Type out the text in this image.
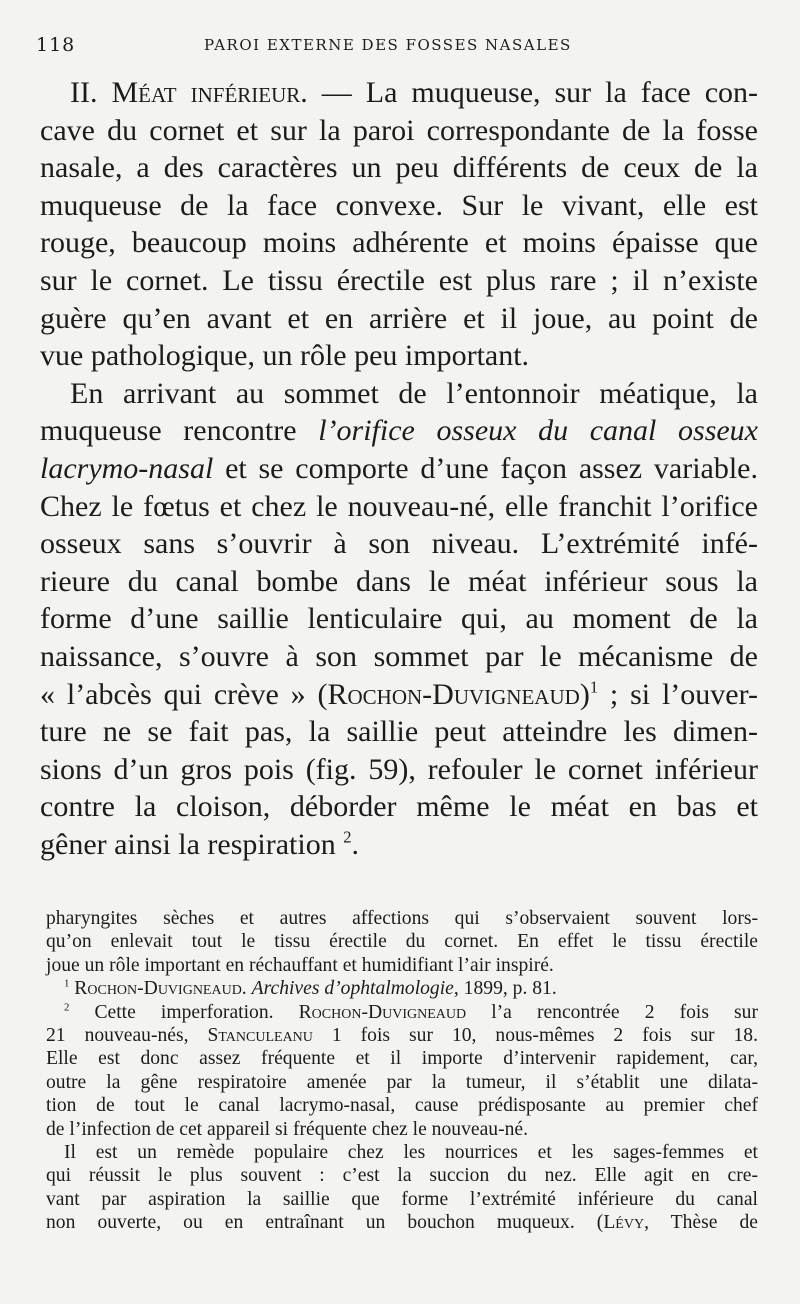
118	PAROI EXTERNE DES FOSSES NASALES
II. Méat inférieur. — La muqueuse, sur la face con-
cave du cornet et sur la paroi correspondante de la fosse
nasale, a des caractères un peu différents de ceux de la
muqueuse de la face convexe. Sur le vivant, elle est
rouge, beaucoup moins adhérente et moins épaisse que
sur le cornet. Le tissu érectile est plus rare ; il n’existe
guère qu’en avant et en arrière et il joue, au point de
vue pathologique, un rôle peu important.
En arrivant au sommet de l’entonnoir méatique, la
muqueuse rencontre l’orifice osseux du canal osseux
lacrymo-nasal et se comporte d’une façon assez variable.
Chez le fœtus et chez le nouveau-né, elle franchit l’orifice
osseux sans s’ouvrir à son niveau. L’extrémité infé-
rieure du canal bombe dans le méat inférieur sous la
forme d’une saillie lenticulaire qui, au moment de la
naissance, s’ouvre à son sommet par le mécanisme de
« l’abcès qui crève » (Rochon-Duvigneaud)$^1$ ; si l’ouver-
ture ne se fait pas, la saillie peut atteindre les dimen-
sions d’un gros pois (fig. 59), refouler le cornet inférieur
contre la cloison, déborder même le méat en bas et
gêner ainsi la respiration $^2$.
pharyngites sèches et autres affections qui s’observaient souvent lors-
qu’on enlevait tout le tissu érectile du cornet. En effet le tissu érectile
joue un rôle important en réchauffant et humidifiant l’air inspiré.
$^1$ Rochon-Duvigneaud. Archives d’ophtalmologie, 1899, p. 81.
$^2$ Cette imperforation. Rochon-Duvigneaud l’a rencontrée 2 fois sur
21 nouveau-nés, Stanculeanu 1 fois sur 10, nous-mêmes 2 fois sur 18.
Elle est donc assez fréquente et il importe d’intervenir rapidement, car,
outre la gêne respiratoire amenée par la tumeur, il s’établit une dilata-
tion de tout le canal lacrymo-nasal, cause prédisposante au premier chef
de l’infection de cet appareil si fréquente chez le nouveau-né.
Il est un remède populaire chez les nourrices et les sages-femmes et
qui réussit le plus souvent : c’est la succion du nez. Elle agit en cre-
vant par aspiration la saillie que forme l’extrémité inférieure du canal
non ouverte, ou en entraînant un bouchon muqueux. (Lévy, Thèse de
